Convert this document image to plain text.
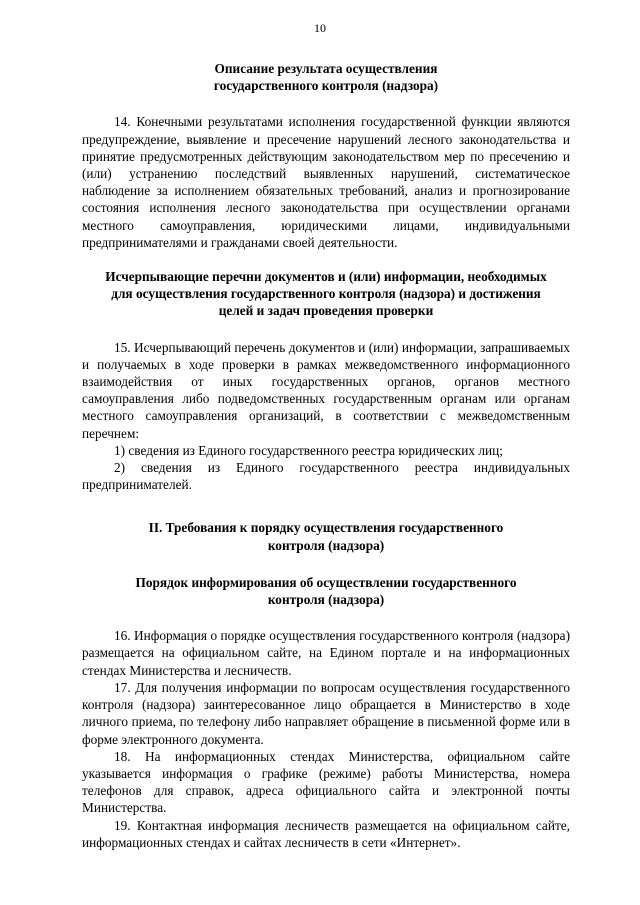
10
Описание результата осуществления
государственного контроля (надзора)

14. Конечными результатами исполнения государственной функции являются предупреждение, выявление и пресечение нарушений лесного законодательства и принятие предусмотренных действующим законодательством мер по пресечению и (или) устранению последствий выявленных нарушений, систематическое наблюдение за исполнением обязательных требований, анализ и прогнозирование состояния исполнения лесного законодательства при осуществлении органами местного самоуправления, юридическими лицами, индивидуальными предпринимателями и гражданами своей деятельности.

Исчерпывающие перечни документов и (или) информации, необходимых
для осуществления государственного контроля (надзора) и достижения
целей и задач проведения проверки

15. Исчерпывающий перечень документов и (или) информации, запрашиваемых и получаемых в ходе проверки в рамках межведомственного информационного взаимодействия от иных государственных органов, органов местного самоуправления либо подведомственных государственным органам или органам местного самоуправления организаций, в соответствии с межведомственным перечнем:

1) сведения из Единого государственного реестра юридических лиц;

2) сведения из Единого государственного реестра индивидуальных предпринимателей.

II. Требования к порядку осуществления государственного
контроля (надзора)
Порядок информирования об осуществлении государственного
контроля (надзора)

16. Информация о порядке осуществления государственного контроля (надзора) размещается на официальном сайте, на Едином портале и на информационных стендах Министерства и лесничеств.

17. Для получения информации по вопросам осуществления государственного контроля (надзора) заинтересованное лицо обращается в Министерство в ходе личного приема, по телефону либо направляет обращение в письменной форме или в форме электронного документа.

18. На информационных стендах Министерства, официальном сайте указывается информация о графике (режиме) работы Министерства, номера телефонов для справок, адреса официального сайта и электронной почты Министерства.

19. Контактная информация лесничеств размещается на официальном сайте, информационных стендах и сайтах лесничеств в сети «Интернет».
